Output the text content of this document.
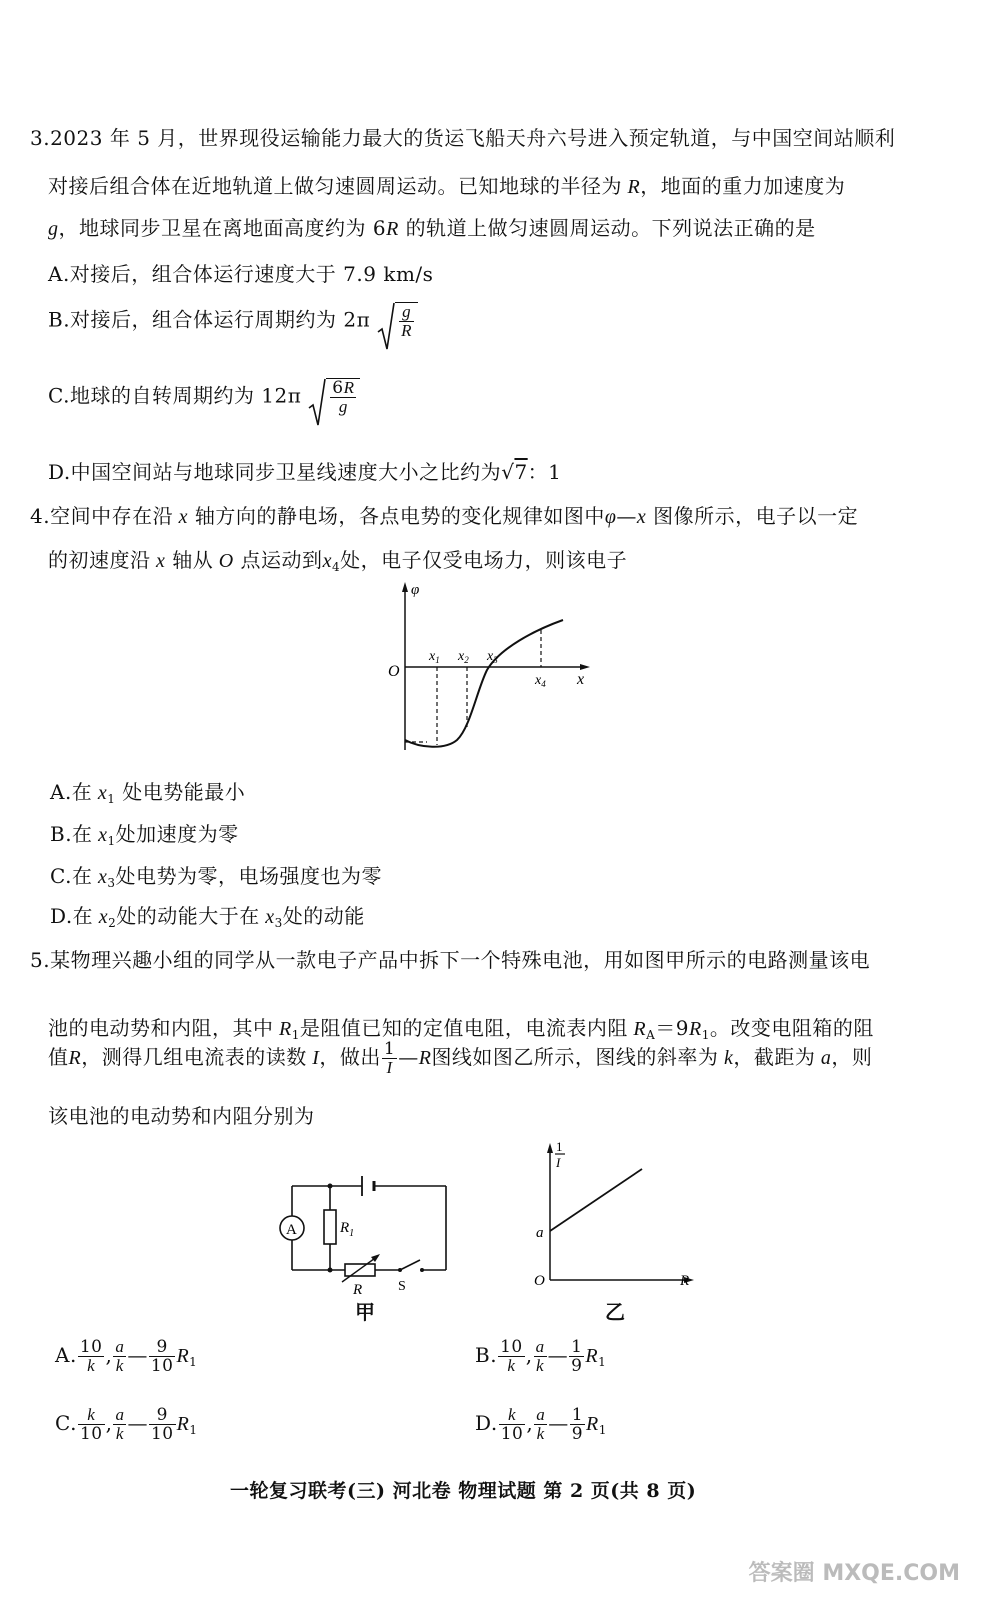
3.2023 年 5 月，世界现役运输能力最大的货运飞船天舟六号进入预定轨道，与中国空间站顺利
对接后组合体在近地轨道上做匀速圆周运动。已知地球的半径为 R，地面的重力加速度为
g，地球同步卫星在离地面高度约为 6R 的轨道上做匀速圆周运动。下列说法正确的是
A.对接后，组合体运行速度大于 7.9 km/s
B.对接后，组合体运行周期约为 $2\pi \frac{g}{R}$
C.地球的自转周期约为 $12\pi \frac{6R}{g}$
D.中国空间站与地球同步卫星线速度大小之比约为√7：1
4.空间中存在沿 x 轴方向的静电场，各点电势的变化规律如图中φ—x 图像所示，电子以一定
的初速度沿 x 轴从 O 点运动到$x_4$处，电子仅受电场力，则该电子
φ
x
O
$x_1$ $x_2$ $x_3$
$x_4$
A.在 $x_1$ 处电势能最小
B.在 $x_1$处加速度为零
C.在 $x_3$处电势为零，电场强度也为零
D.在 $x_2$处的动能大于在 $x_3$处的动能
5.某物理兴趣小组的同学从一款电子产品中拆下一个特殊电池，用如图甲所示的电路测量该电
池的电动势和内阻，其中 $R_1$是阻值已知的定值电阻，电流表内阻 $R_A=9R_1$。改变电阻箱的阻
值R，测得几组电流表的读数 I，做出 $\frac{1}{I}$ —R图线如图乙所示，图线的斜率为 k，截距为 a，则
该电池的电动势和内阻分别为
A	$R_1$
R	S
甲
1
I
a
O	R
乙
A. $\frac{10}{k}$ , $\frac{a}{k}$ — $\frac{9}{10} R_1$	B. $\frac{10}{k}$ , $\frac{a}{k}$ — $\frac{1}{9} R_1$
C. $\frac{k}{10}$ , $\frac{a}{k}$ — $\frac{9}{10} R_1$	D. $\frac{k}{10}$ , $\frac{a}{k}$ — $\frac{1}{9} R_1$
一轮复习联考(三) 河北卷 物理试题 第 2 页(共 8 页)
答案圈 MXQE.COM
